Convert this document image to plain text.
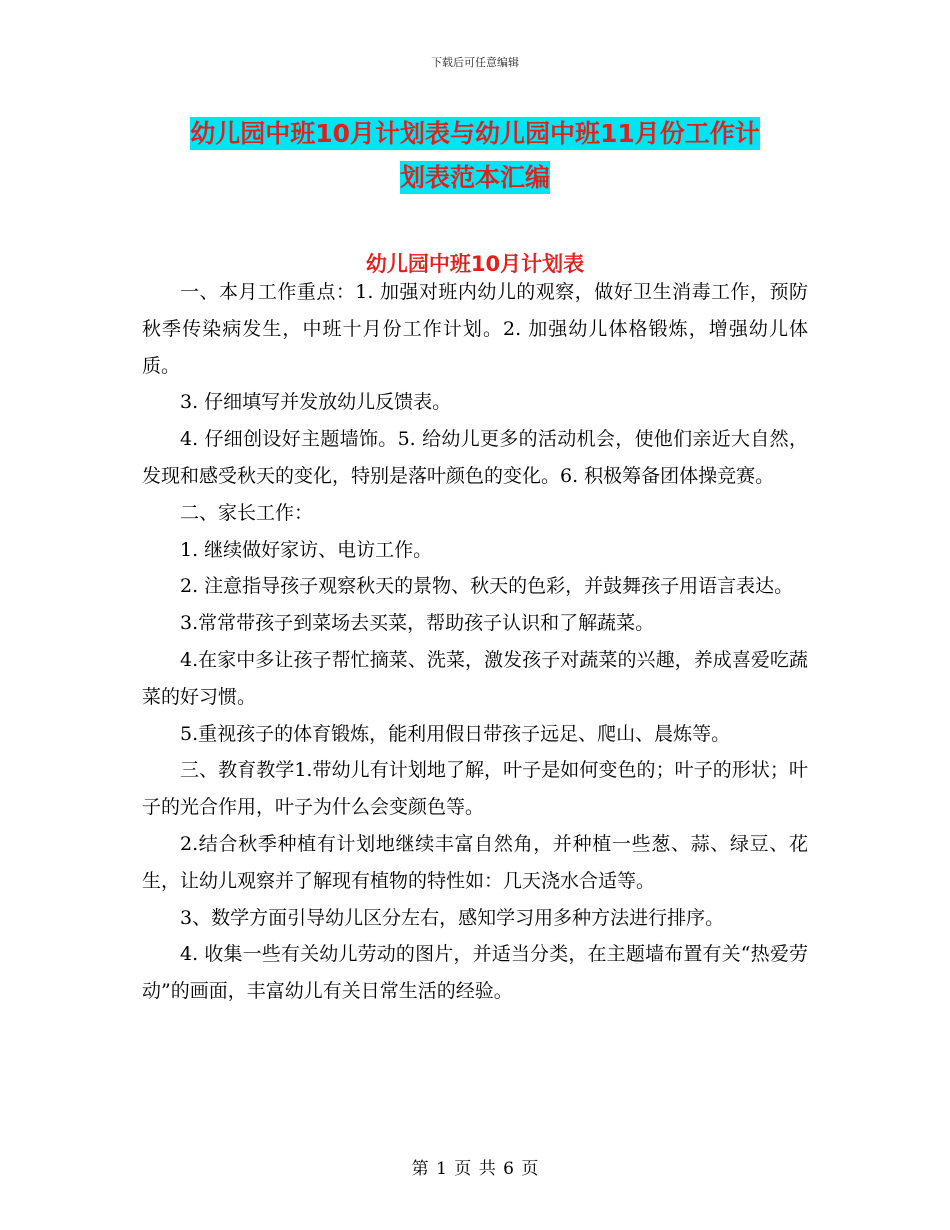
下载后可任意编辑
幼儿园中班10月计划表与幼儿园中班11月份工作计
划表范本汇编
幼儿园中班10月计划表

一、本月工作重点：1. 加强对班内幼儿的观察，做好卫生消毒工作，预防秋季传染病发生，中班十月份工作计划。2. 加强幼儿体格锻炼，增强幼儿体质。

3. 仔细填写并发放幼儿反馈表。

4. 仔细创设好主题墙饰。5. 给幼儿更多的活动机会，使他们亲近大自然，发现和感受秋天的变化，特别是落叶颜色的变化。6. 积极筹备团体操竞赛。

二、家长工作：

1. 继续做好家访、电访工作。

2. 注意指导孩子观察秋天的景物、秋天的色彩，并鼓舞孩子用语言表达。

3.常常带孩子到菜场去买菜，帮助孩子认识和了解蔬菜。

4.在家中多让孩子帮忙摘菜、洗菜，激发孩子对蔬菜的兴趣，养成喜爱吃蔬菜的好习惯。

5.重视孩子的体育锻炼，能利用假日带孩子远足、爬山、晨炼等。

三、教育教学1.带幼儿有计划地了解，叶子是如何变色的；叶子的形状；叶子的光合作用，叶子为什么会变颜色等。

2.结合秋季种植有计划地继续丰富自然角，并种植一些葱、蒜、绿豆、花生，让幼儿观察并了解现有植物的特性如：几天浇水合适等。

3、数学方面引导幼儿区分左右，感知学习用多种方法进行排序。

4. 收集一些有关幼儿劳动的图片，并适当分类，在主题墙布置有关“热爱劳动”的画面，丰富幼儿有关日常生活的经验。

第 1 页 共 6 页
